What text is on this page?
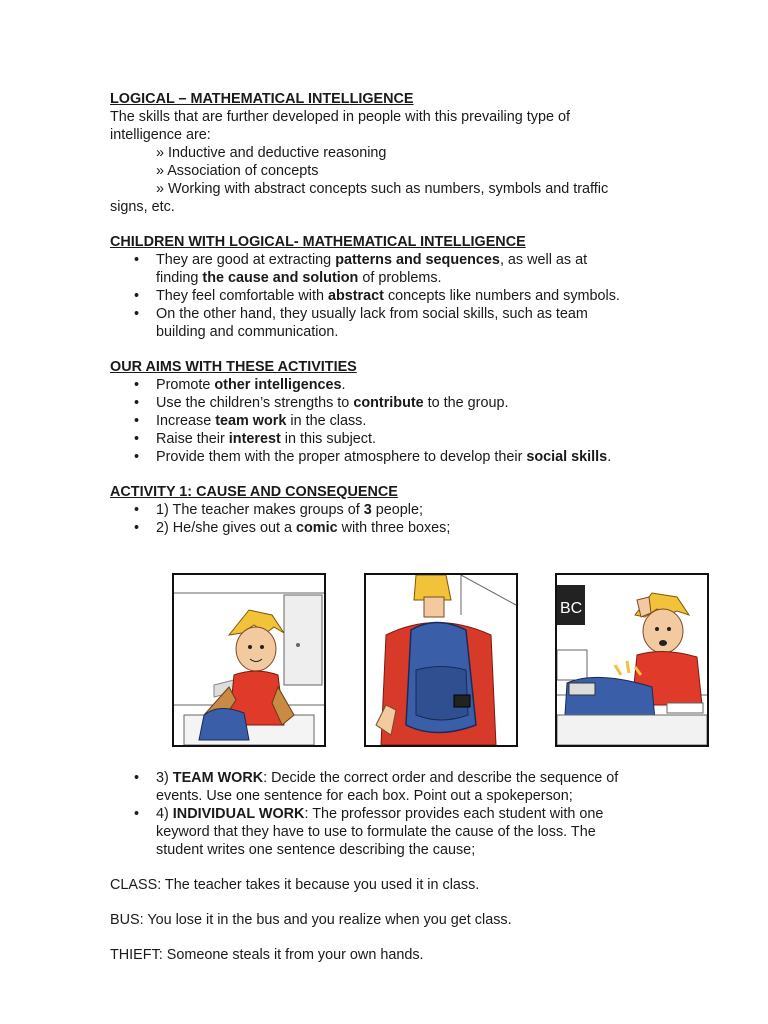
LOGICAL – MATHEMATICAL INTELLIGENCE

The skills that are further developed in people with this prevailing type of

intelligence are:

» Inductive and deductive reasoning

» Association of concepts

» Working with abstract concepts such as numbers, symbols and traffic

signs, etc.

CHILDREN WITH LOGICAL- MATHEMATICAL INTELLIGENCE

• They are good at extracting patterns and sequences, as well as at
finding the cause and solution of problems.
• They feel comfortable with abstract concepts like numbers and symbols.
• On the other hand, they usually lack from social skills, such as team
building and communication.

OUR AIMS WITH THESE ACTIVITIES

• Promote other intelligences.
• Use the children’s strengths to contribute to the group.
• Increase team work in the class.
• Raise their interest in this subject.
• Provide them with the proper atmosphere to develop their social skills.

ACTIVITY 1: CAUSE AND CONSEQUENCE

• 1) The teacher makes groups of 3 people;
• 2) He/she gives out a comic with three boxes;
BC
• 3) TEAM WORK: Decide the correct order and describe the sequence of
events. Use one sentence for each box. Point out a spokeperson;
• 4) INDIVIDUAL WORK: The professor provides each student with one
keyword that they have to use to formulate the cause of the loss. The
student writes one sentence describing the cause;

CLASS: The teacher takes it because you used it in class.

BUS: You lose it in the bus and you realize when you get class.

THIEFT: Someone steals it from your own hands.
